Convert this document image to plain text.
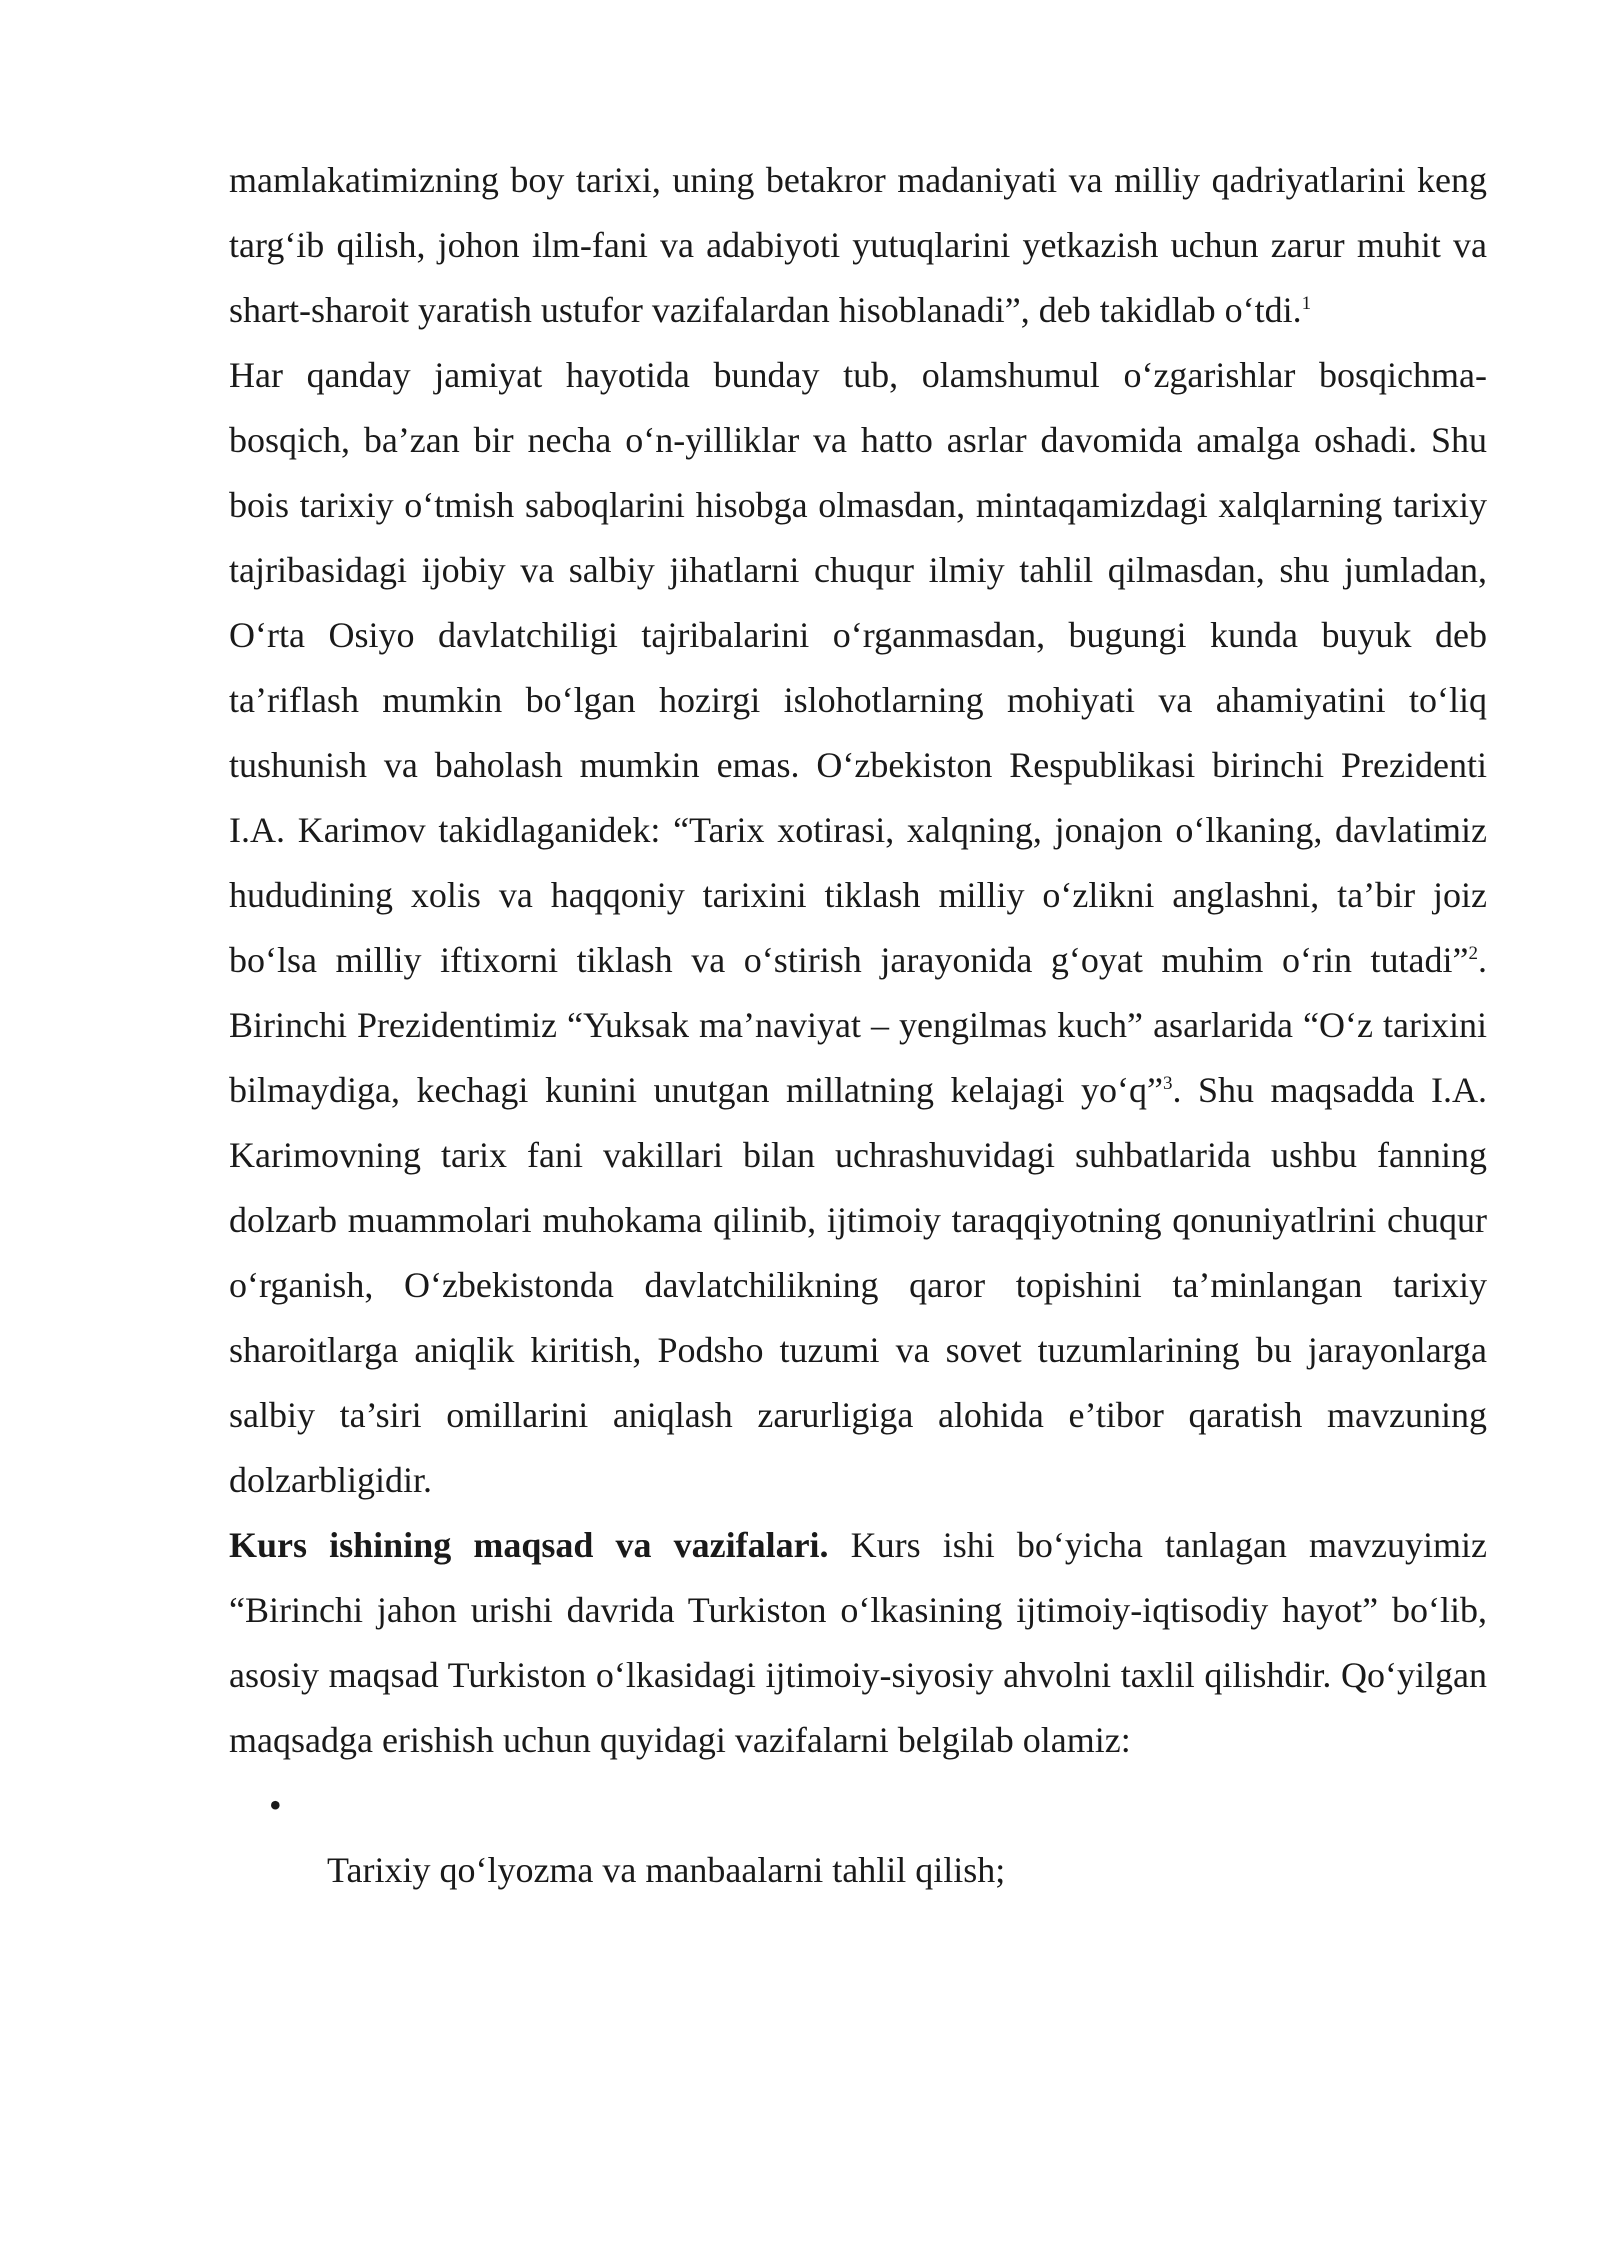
mamlakatimizning boy tarixi, uning betakror madaniyati va milliy qadriyatlarini keng targ‘ib qilish, johon ilm-fani va adabiyoti yutuqlarini yetkazish uchun zarur muhit va shart-sharoit yaratish ustufor vazifalardan hisoblanadi”, deb takidlab o‘tdi.$^1$

Har qanday jamiyat hayotida bunday tub, olamshumul o‘zgarishlar bosqichma-bosqich, ba’zan bir necha o‘n-yilliklar va hatto asrlar davomida amalga oshadi. Shu bois tarixiy o‘tmish saboqlarini hisobga olmasdan, mintaqamizdagi xalqlarning tarixiy tajribasidagi ijobiy va salbiy jihatlarni chuqur ilmiy tahlil qilmasdan, shu jumladan, O‘rta Osiyo davlatchiligi tajribalarini o‘rganmasdan, bugungi kunda buyuk deb ta’riflash mumkin bo‘lgan hozirgi islohotlarning mohiyati va ahamiyatini to‘liq tushunish va baholash mumkin emas. O‘zbekiston Respublikasi birinchi Prezidenti I.A. Karimov takidlaganidek: “Tarix xotirasi, xalqning, jonajon o‘lkaning, davlatimiz hududining xolis va haqqoniy tarixini tiklash milliy o‘zlikni anglashni, ta’bir joiz bo‘lsa milliy iftixorni tiklash va o‘stirish jarayonida g‘oyat muhim o‘rin tutadi”$^2$. Birinchi Prezidentimiz “Yuksak ma’naviyat – yengilmas kuch” asarlarida “O‘z tarixini bilmaydiga, kechagi kunini unutgan millatning kelajagi yo‘q”$^3$. Shu maqsadda I.A. Karimovning tarix fani vakillari bilan uchrashuvidagi suhbatlarida ushbu fanning dolzarb muammolari muhokama qilinib, ijtimoiy taraqqiyotning qonuniyatlrini chuqur o‘rganish, O‘zbekistonda davlatchilikning qaror topishini ta’minlangan tarixiy sharoitlarga aniqlik kiritish, Podsho tuzumi va sovet tuzumlarining bu jarayonlarga salbiy ta’siri omillarini aniqlash zarurligiga alohida e’tibor qaratish mavzuning dolzarbligidir.

Kurs ishining maqsad va vazifalari. Kurs ishi bo‘yicha tanlagan mavzuyimiz “Birinchi jahon urishi davrida Turkiston o‘lkasining ijtimoiy-iqtisodiy hayot” bo‘lib, asosiy maqsad Turkiston o‘lkasidagi ijtimoiy-siyosiy ahvolni taxlil qilishdir. Qo‘yilgan maqsadga erishish uchun quyidagi vazifalarni belgilab olamiz:

•

Tarixiy qo‘lyozma va manbaalarni tahlil qilish;
